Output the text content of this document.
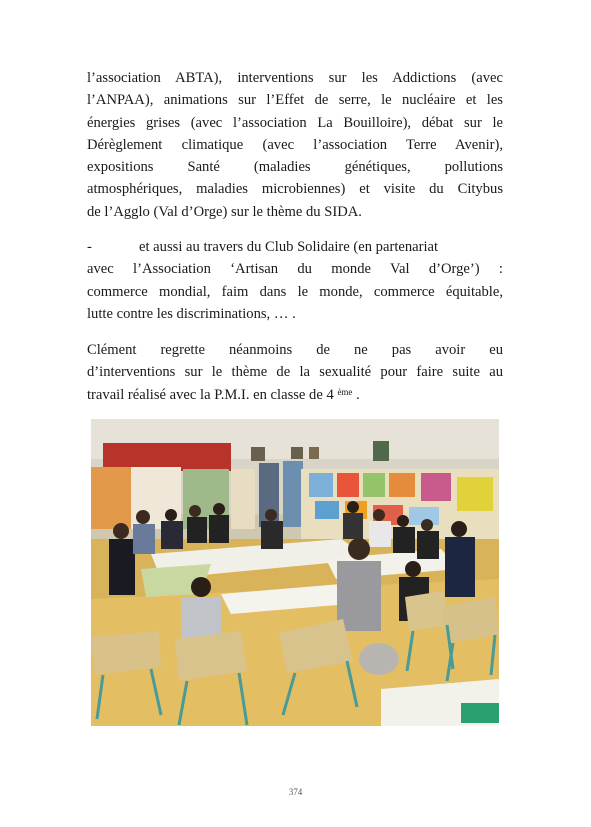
l’association ABTA), interventions sur les Addictions (avec
l’ANPAA), animations sur l’Effet de serre, le nucléaire et les
énergies grises (avec l’association La Bouilloire), débat sur le
Dérèglement climatique (avec l’association Terre Avenir),
expositions Santé (maladies génétiques, pollutions
atmosphériques, maladies microbiennes) et visite du Citybus
de l’Agglo (Val d’Orge) sur le thème du SIDA.
-	et aussi au travers du Club Solidaire (en partenariat
avec l’Association ‘Artisan du monde Val d’Orge’) :
commerce mondial, faim dans le monde, commerce équitable,
lutte contre les discriminations, … .
Clément regrette néanmoins de ne pas avoir eu
d’interventions sur le thème de la sexualité pour faire suite au
travail réalisé avec la P.M.I. en classe de 4 $^{ème}$ .
374
